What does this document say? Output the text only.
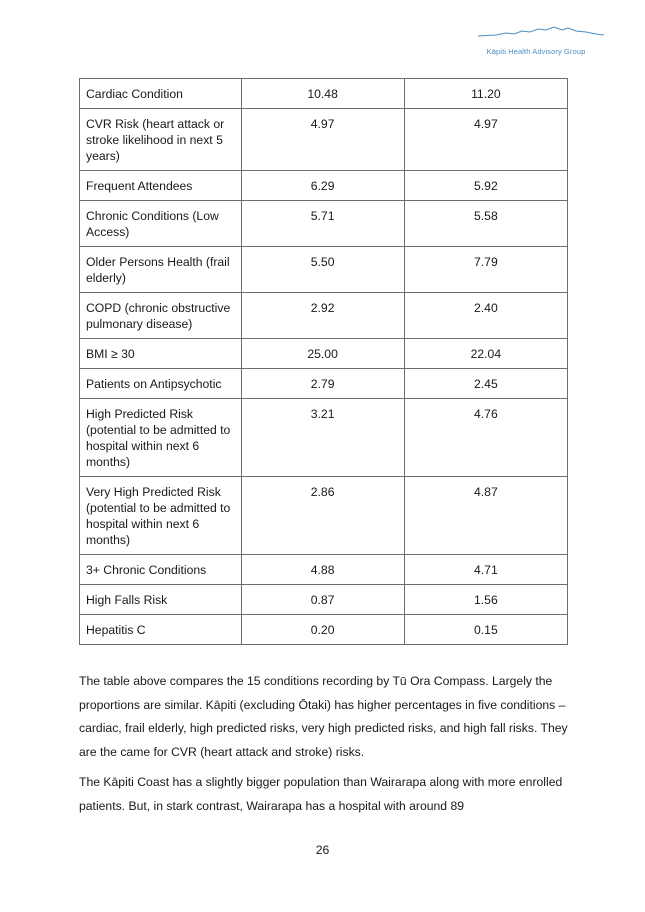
Kāpiti Health Advisory Group
Cardiac Condition	10.48	11.20
CVR Risk (heart attack or stroke likelihood in next 5 years)	4.97	4.97
Frequent Attendees	6.29	5.92
Chronic Conditions (Low Access)	5.71	5.58
Older Persons Health (frail elderly)	5.50	7.79
COPD (chronic obstructive pulmonary disease)	2.92	2.40
BMI ≥ 30	25.00	22.04
Patients on Antipsychotic	2.79	2.45
High Predicted Risk (potential to be admitted to hospital within next 6 months)	3.21	4.76
Very High Predicted Risk (potential to be admitted to hospital within next 6 months)	2.86	4.87
3+ Chronic Conditions	4.88	4.71
High Falls Risk	0.87	1.56
Hepatitis C	0.20	0.15

The table above compares the 15 conditions recording by Tū Ora Compass. Largely the proportions are similar. Kāpiti (excluding Ōtaki) has higher percentages in five conditions – cardiac, frail elderly, high predicted risks, very high predicted risks, and high fall risks. They are the came for CVR (heart attack and stroke) risks.

The Kāpiti Coast has a slightly bigger population than Wairarapa along with more enrolled patients. But, in stark contrast, Wairarapa has a hospital with around 89

26
